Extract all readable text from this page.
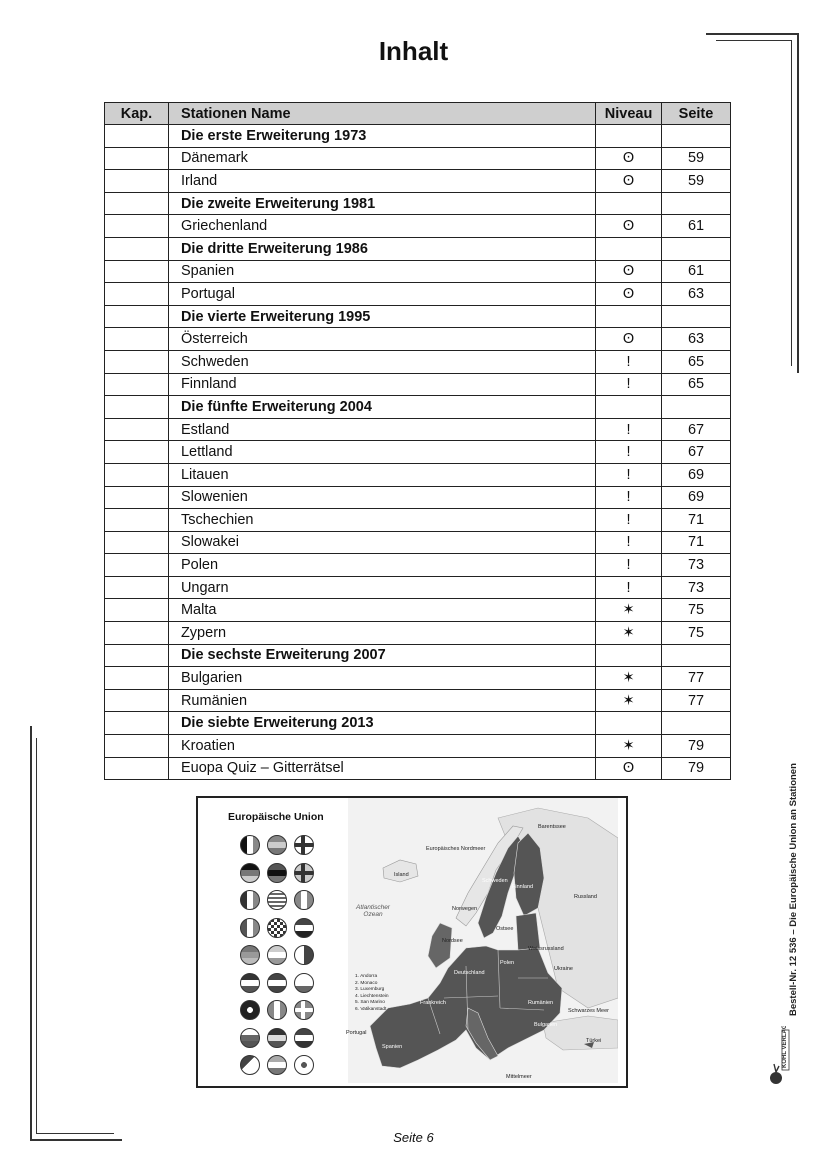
Inhalt
Kap.	Stationen Name	Niveau	Seite
	Die erste Erweiterung 1973		
	Dänemark	ʘ	59
	Irland	ʘ	59
	Die zweite Erweiterung 1981		
	Griechenland	ʘ	61
	Die dritte Erweiterung 1986		
	Spanien	ʘ	61
	Portugal	ʘ	63
	Die vierte Erweiterung 1995		
	Österreich	ʘ	63
	Schweden	!	65
	Finnland	!	65
	Die fünfte Erweiterung 2004		
	Estland	!	67
	Lettland	!	67
	Litauen	!	69
	Slowenien	!	69
	Tschechien	!	71
	Slowakei	!	71
	Polen	!	73
	Ungarn	!	73
	Malta	✶	75
	Zypern	✶	75
	Die sechste Erweiterung 2007		
	Bulgarien	✶	77
	Rumänien	✶	77
	Die siebte Erweiterung 2013		
	Kroatien	✶	79
	Euopa Quiz – Gitterrätsel	ʘ	79
Europäische Union
Barentssee
Europäisches Nordmeer
Island
Schweden
Finnland
Russland
Atlantischer Ozean
Norwegen
Nordsee
Ostsee
Weissrussland
Ukraine
Deutschland
Polen
1. Andorra
2. Monaco
3. Luxemburg
4. Liechtenstein
5. San Marino
6. Vatikanstadt
Frankreich	Rumänien
Schwarzes Meer
Bulgarien
Portugal
Spanien
Türkei
Mittelmeer
Bestell-Nr. 12 536 – Die Europäische Union an Stationen
KOHL VERLAG
Seite 6
